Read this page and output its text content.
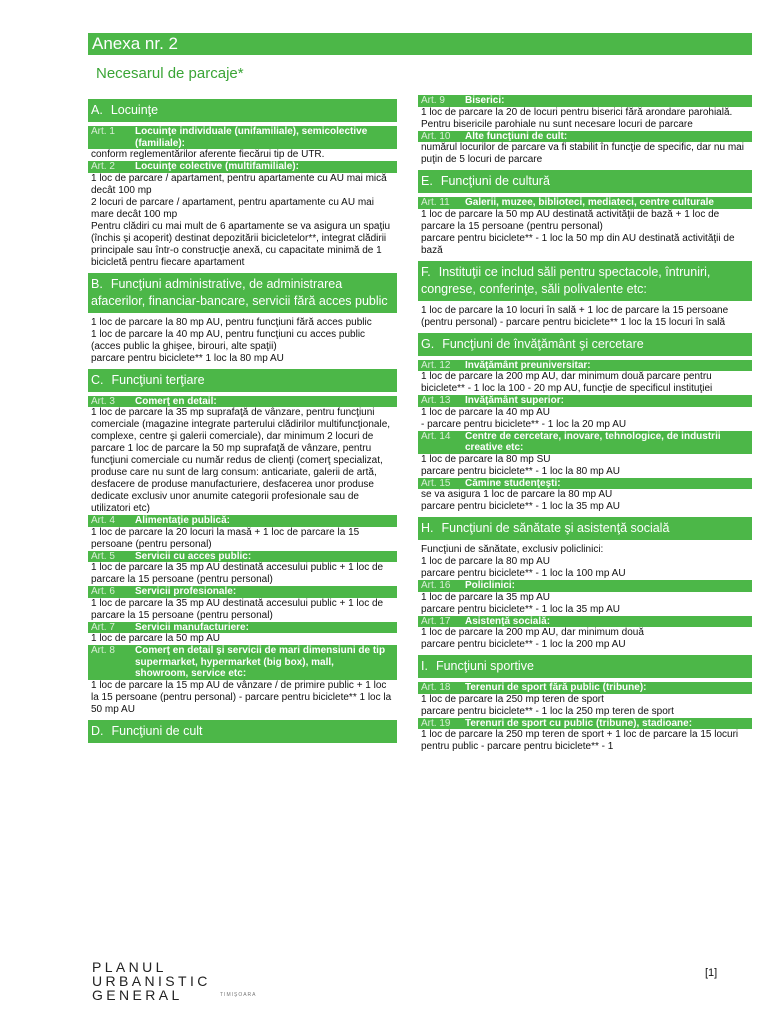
Anexa nr. 2
Necesarul de parcaje*
A. Locuinţe
Art. 1 Locuinţe individuale (unifamiliale), semicolective (familiale):
conform reglementărilor aferente fiecărui tip de UTR.
Art. 2 Locuinţe colective (multifamiliale):
1 loc de parcare / apartament, pentru apartamente cu AU mai mică decât 100 mp
2 locuri de parcare / apartament, pentru apartamente cu AU mai mare decât 100 mp
Pentru clădiri cu mai mult de 6 apartamente se va asigura un spaţiu (închis şi acoperit) destinat depozitării bicicletelor**, integrat clădirii principale sau într-o construcţie anexă, cu capacitate minimă de 1 bicicletă pentru fiecare apartament
B. Funcţiuni administrative, de administrarea afacerilor, financiar-bancare, servicii fără acces public
1 loc de parcare la 80 mp AU, pentru funcţiuni fără acces public
1 loc de parcare la 40 mp AU, pentru funcţiuni cu acces public (acces public la ghişee, birouri, alte spaţii)
parcare pentru biciclete** 1 loc la 80 mp AU
C. Funcţiuni terţiare
Art. 3 Comerţ en detail:
1 loc de parcare la 35 mp suprafaţă de vânzare, pentru funcţiuni comerciale (magazine integrate parterului clădirilor multifuncţionale, complexe, centre şi galerii comerciale), dar minimum 2 locuri de parcare 1 loc de parcare la 50 mp suprafaţă de vânzare, pentru funcţiuni comerciale cu număr redus de clienţi (comerţ specializat, produse care nu sunt de larg consum: anticariate, galerii de artă, desfacere de produse manufacturiere, desfacerea unor produse dedicate exclusiv unor anumite categorii profesionale sau de utilizatori etc)
Art. 4 Alimentaţie publică:
1 loc de parcare la 20 locuri la masă + 1 loc de parcare la 15 persoane (pentru personal)
Art. 5 Servicii cu acces public:
1 loc de parcare la 35 mp AU destinată accesului public + 1 loc de parcare la 15 persoane (pentru personal)
Art. 6 Servicii profesionale:
1 loc de parcare la 35 mp AU destinată accesului public + 1 loc de parcare la 15 persoane (pentru personal)
Art. 7 Servicii manufacturiere:
1 loc de parcare la 50 mp AU
Art. 8 Comerţ en detail şi servicii de mari dimensiuni de tip supermarket, hypermarket (big box), mall, showroom, service etc:
1 loc de parcare la 15 mp AU de vânzare / de primire public + 1 loc la 15 persoane (pentru personal) - parcare pentru biciclete** 1 loc la 50 mp AU
D. Funcţiuni de cult
Art. 9 Biserici:
1 loc de parcare la 20 de locuri pentru biserici fără arondare parohială. Pentru bisericile parohiale nu sunt necesare locuri de parcare
Art. 10 Alte funcţiuni de cult:
numărul locurilor de parcare va fi stabilit în funcţie de specific, dar nu mai puţin de 5 locuri de parcare
E. Funcţiuni de cultură
Art. 11 Galerii, muzee, biblioteci, mediateci, centre culturale
1 loc de parcare la 50 mp AU destinată activităţii de bază + 1 loc de parcare la 15 persoane (pentru personal)
parcare pentru biciclete** - 1 loc la 50 mp din AU destinată activităţii de bază
F. Instituţii ce includ săli pentru spectacole, întruniri, congrese, conferinţe, săli polivalente etc:
1 loc de parcare la 10 locuri în sală + 1 loc de parcare la 15 persoane (pentru personal) - parcare pentru biciclete** 1 loc la 15 locuri în sală
G. Funcţiuni de învăţământ şi cercetare
Art. 12 Invăţământ preuniversitar:
1 loc de parcare la 200 mp AU, dar minimum două parcare pentru biciclete** - 1 loc la 100 - 20 mp AU, funcţie de specificul instituţiei
Art. 13 Invăţământ superior:
1 loc de parcare la 40 mp AU
- parcare pentru biciclete** - 1 loc la 20 mp AU
Art. 14 Centre de cercetare, inovare, tehnologice, de industrii creative etc:
1 loc de parcare la 80 mp SU
parcare pentru biciclete** - 1 loc la 80 mp AU
Art. 15 Cămine studenţeşti:
se va asigura 1 loc de parcare la 80 mp AU
parcare pentru biciclete** - 1 loc la 35 mp AU
H. Funcţiuni de sănătate şi asistenţă socială
Funcţiuni de sănătate, exclusiv policlinici:
1 loc de parcare la 80 mp AU
parcare pentru biciclete** - 1 loc la 100 mp AU
Art. 16 Policlinici:
1 loc de parcare la 35 mp AU
parcare pentru biciclete** - 1 loc la 35 mp AU
Art. 17 Asistenţă socială:
1 loc de parcare la 200 mp AU, dar minimum două
parcare pentru biciclete** - 1 loc la 200 mp AU
I. Funcţiuni sportive
Art. 18 Terenuri de sport fără public (tribune):
1 loc de parcare la 250 mp teren de sport
parcare pentru biciclete** - 1 loc la 250 mp teren de sport
Art. 19 Terenuri de sport cu public (tribune), stadioane:
1 loc de parcare la 250 mp teren de sport + 1 loc de parcare la 15 locuri pentru public - parcare pentru biciclete** - 1
PLANUL
URBANISTIC
GENERAL	TIMIŞOARA
[1]
